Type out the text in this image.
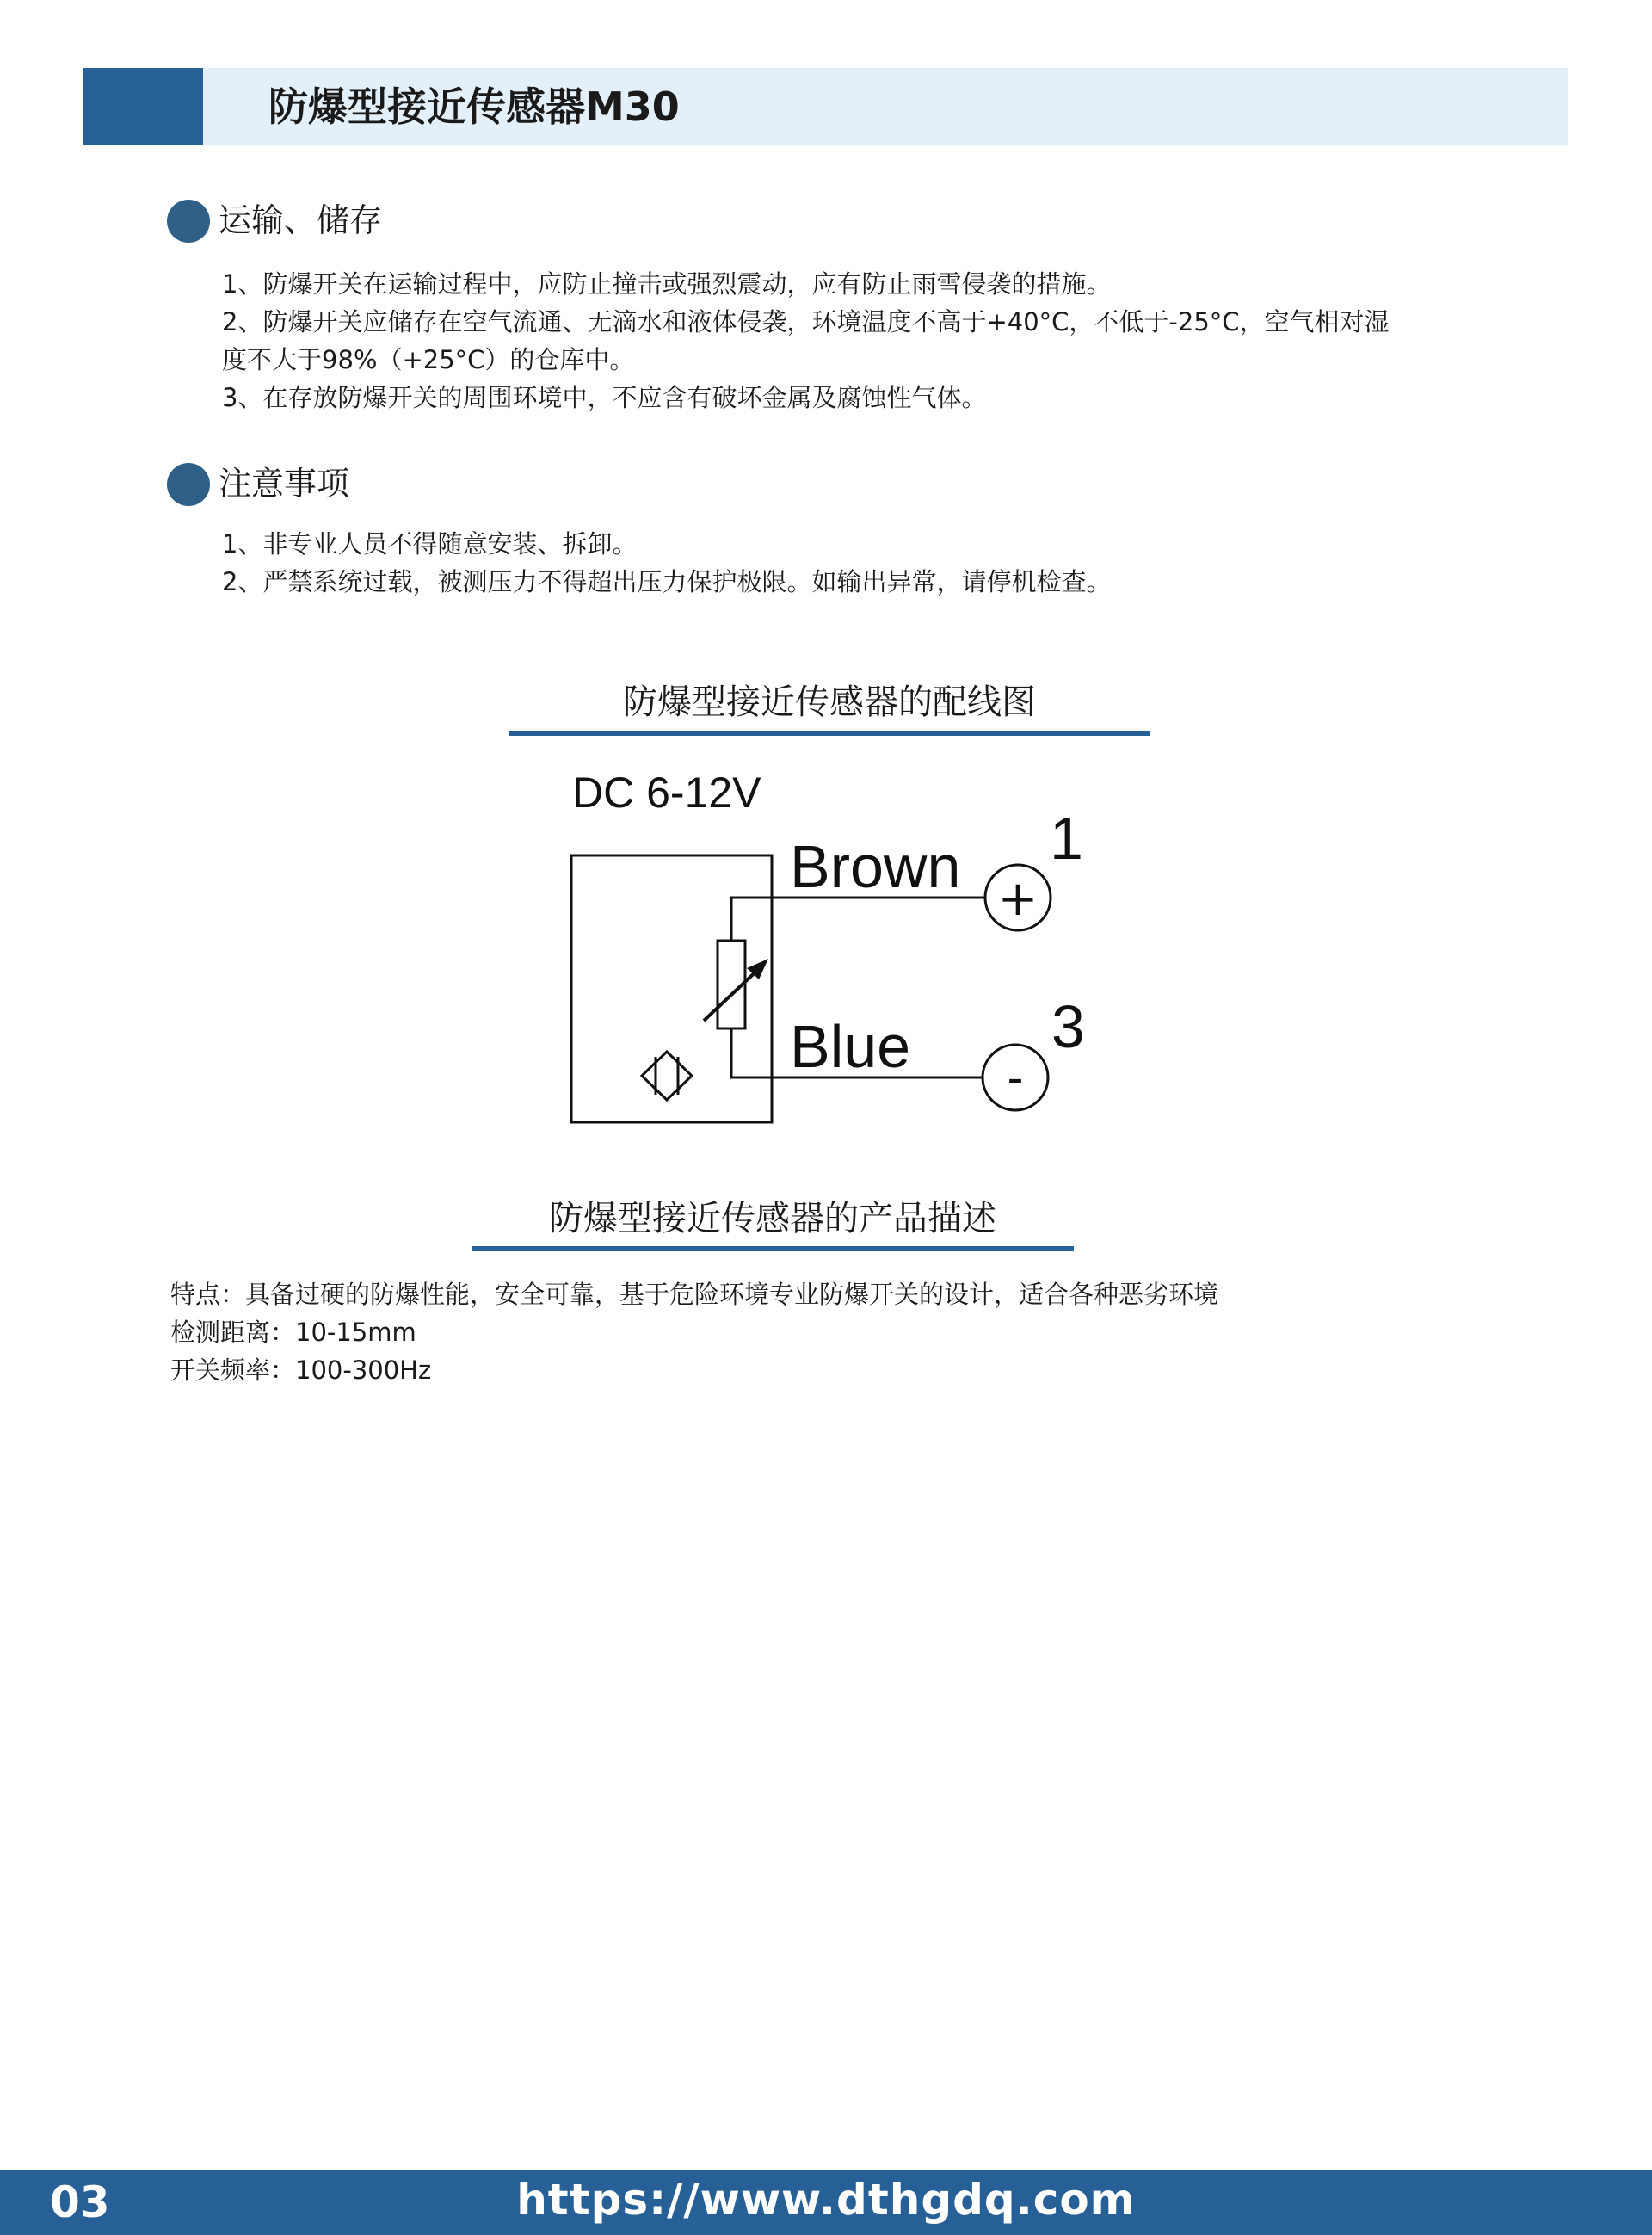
防爆型接近传感器M30
运输、储存
1、防爆开关在运输过程中，应防止撞击或强烈震动，应有防止雨雪侵袭的措施。
2、防爆开关应储存在空气流通、无滴水和液体侵袭，环境温度不高于+40°C，不低于-25°C，空气相对湿
度不大于98%（+25°C）的仓库中。
3、在存放防爆开关的周围环境中，不应含有破坏金属及腐蚀性气体。
注意事项
1、非专业人员不得随意安装、拆卸。
2、严禁系统过载，被测压力不得超出压力保护极限。如输出异常，请停机检查。
防爆型接近传感器的配线图
DC 6-12V
Brown
Blue
+
-
1
3
防爆型接近传感器的产品描述
特点：具备过硬的防爆性能，安全可靠，基于危险环境专业防爆开关的设计，适合各种恶劣环境
检测距离：10-15mm
开关频率：100-300Hz
03	https://www.dthgdq.com
